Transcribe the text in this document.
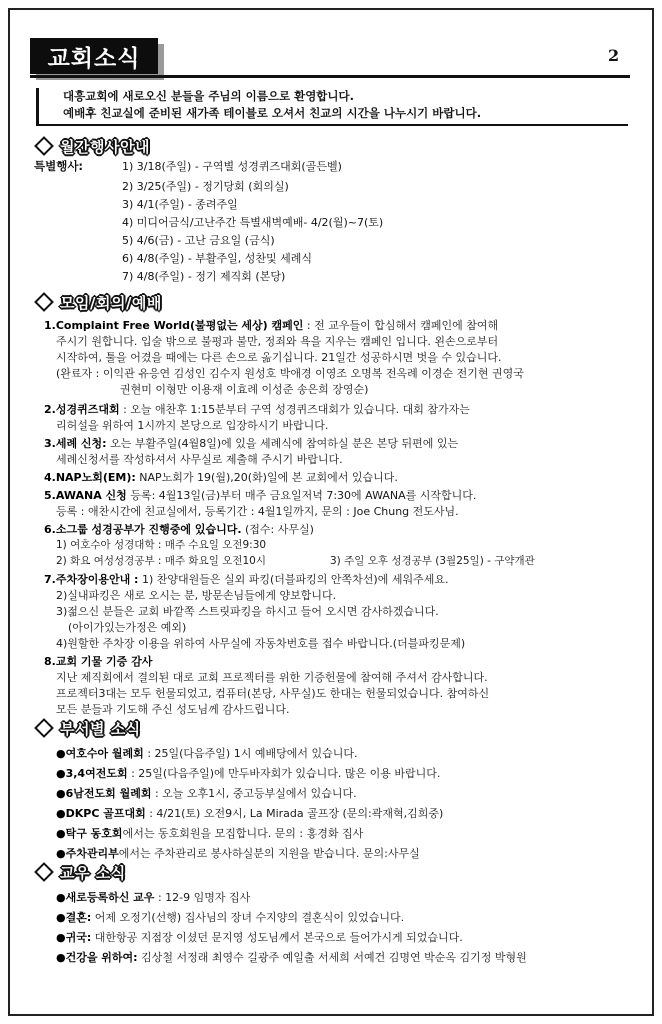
교회소식	2
대흥교회에 새로오신 분들을 주님의 이름으로 환영합니다.
예배후 친교실에 준비된 새가족 테이블로 오셔서 친교의 시간을 나누시기 바랍니다.
월간행사안내
특별행사:	1) 3/18(주일) - 구역별 성경퀴즈대회(골든벨)
2) 3/25(주일) - 정기당회 (회의실)
3) 4/1(주일) - 종려주일
4) 미디어금식/고난주간 특별새벽예배- 4/2(월)~7(토)
5) 4/6(금) - 고난 금요일 (금식)
6) 4/8(주일) - 부활주일, 성찬및 세례식
7) 4/8(주일) - 정기 제직회 (본당)
모임/회의/예배
1.Complaint Free World(불평없는 세상) 캠페인 : 전 교우들이 합심해서 캠페인에 참여해
주시기 원합니다. 입술 밖으로 불평과 불만, 정죄와 욕을 지우는 캠페인 입니다. 왼손으로부터
시작하여, 툴을 어겼을 때에는 다른 손으로 옮기십니다. 21일간 성공하시면 벗을 수 있습니다.
(완료자 : 이익관 유응연 김성인 김수지 원성호 박애경 이영조 오명복 전옥례 이경순 전기현 권영국
권현미 이형만 이용재 이효례 이성준 송은희 장영순)
2.성경퀴즈대회 : 오늘 애찬후 1:15분부터 구역 성경퀴즈대회가 있습니다. 대회 참가자는
리허설을 위하여 1시까지 본당으로 입장하시기 바랍니다.
3.세례 신청: 오는 부활주일(4월8일)에 있을 세례식에 참여하실 분은 본당 뒤편에 있는
세례신청서를 작성하셔서 사무실로 제출해 주시기 바랍니다.
4.NAP노회(EM): NAP노회가 19(월),20(화)일에 본 교회에서 있습니다.
5.AWANA 신청 등록: 4월13일(금)부터 매주 금요일저녁 7:30에 AWANA를 시작합니다.
등록 : 애찬시간에 친교실에서, 등록기간 : 4월1일까지, 문의 : Joe Chung 전도사님.
6.소그룹 성경공부가 진행중에 있습니다. (접수: 사무실)
1) 여호수아 성경대학 : 매주 수요일 오전9:30
2) 화요 여성성경공부 : 매주 화요일 오전10시	3) 주일 오후 성경공부 (3월25일) - 구약개관
7.주차장이용안내 : 1) 찬양대원들은 실외 파킹(더블파킹의 안쪽차선)에 세워주세요.
2)실내파킹은 새로 오시는 분, 방문손님들에게 양보합니다.
3)젊으신 분들은 교회 바깥쪽 스트릿파킹을 하시고 들어 오시면 감사하겠습니다.
(아이가있는가정은 예외)
4)원할한 주차장 이용을 위하여 사무실에 자동차번호를 접수 바랍니다.(더블파킹문제)
8.교회 기물 기증 감사
지난 제직회에서 결의된 대로 교회 프로젝터를 위한 기증헌물에 참여해 주셔서 감사합니다.
프로젝터3대는 모두 헌물되었고, 컴퓨터(본당, 사무실)도 한대는 헌물되었습니다. 참여하신
모든 분들과 기도해 주신 성도님께 감사드립니다.
부서별 소식
●여호수아 월례회 : 25일(다음주일) 1시 예배당에서 있습니다.
●3,4여전도회 : 25일(다음주일)에 만두바자회가 있습니다. 많은 이용 바랍니다.
●6남전도회 월례회 : 오늘 오후1시, 중고등부실에서 있습니다.
●DKPC 골프대회 : 4/21(토) 오전9시, La Mirada 골프장 (문의:곽재혁,김희중)
●탁구 동호회에서는 동호회원을 모집합니다. 문의 : 홍경화 집사
●주차관리부에서는 주차관리로 봉사하실분의 지원을 받습니다. 문의:사무실
교우 소식
●새로등록하신 교우 : 12-9 임명자 집사
●결혼: 어제 오정기(선행) 집사님의 장녀 수지양의 결혼식이 있었습니다.
●귀국: 대한항공 지점장 이셨던 문지영 성도님께서 본국으로 들어가시게 되었습니다.
●건강을 위하여: 김상철 서정래 최영수 길광주 예일출 서세희 서예건 김명연 박순옥 김기정 박형원
